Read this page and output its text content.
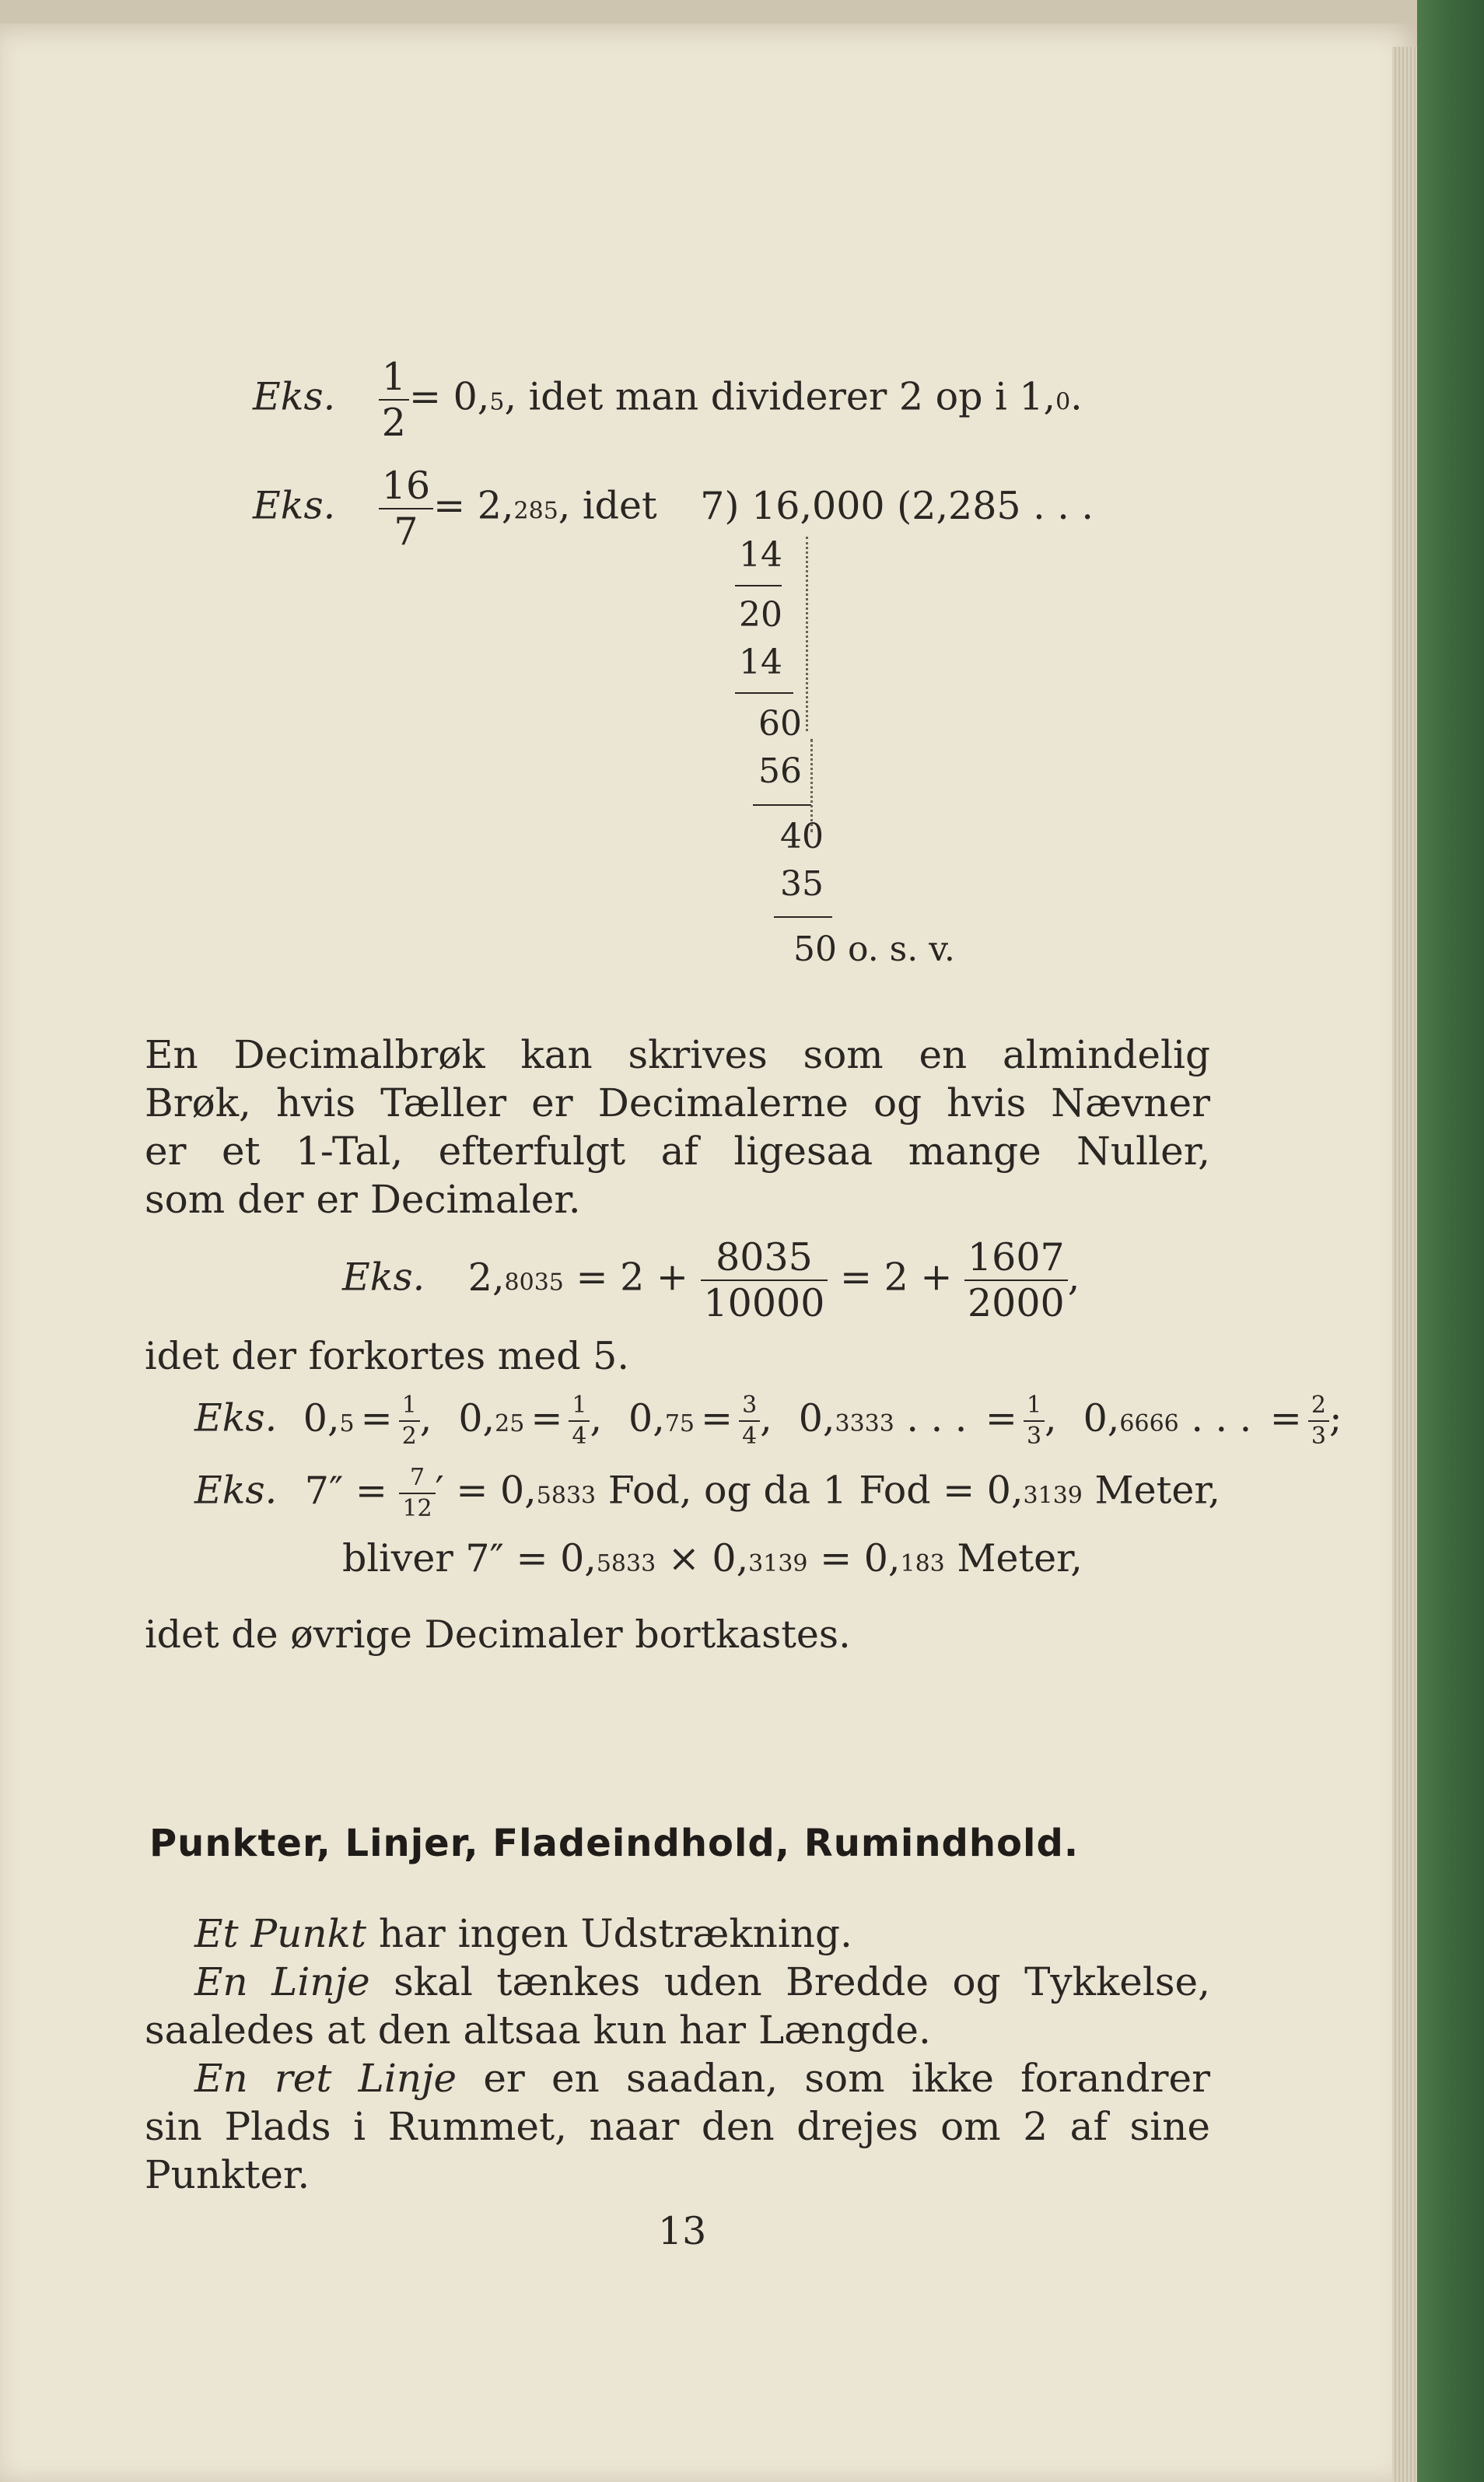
Eks. $\frac{1}{2} = 0,5$, idet man dividerer 2 op i 1,0.
Eks. $\frac{16}{7} = 2,285$, idet 7) 16,000 (2,285 . . .
14
20
14
60
56
40
35
50 o. s. v.
En Decimalbrøk kan skrives som en almindelig
Brøk, hvis Tæller er Decimalerne og hvis Nævner
er et 1-Tal, efterfulgt af ligesaa mange Nuller,
som der er Decimaler.
Eks. $2,8035 = 2 + \frac{8035}{10000} = 2 + \frac{1607}{2000}$ ,
idet der forkortes med 5.
Eks. $0,5 = \frac{1}{2}$ , $0,25 = \frac{1}{4}$ , $0,75 = \frac{3}{4}$ , 0,3333 . . . = $\frac{1}{3}$ , 0,6666 . . . = $\frac{2}{3}$ ;
Eks. $7'' = \frac{7}{12}$ ′ = 0,5833 Fod, og da 1 Fod = 0,3139 Meter,
bliver 7″ = 0,5833 × 0,3139 = 0,183 Meter,
idet de øvrige Decimaler bortkastes.
Punkter, Linjer, Fladeindhold, Rumindhold.
Et Punkt har ingen Udstrækning.
En Linje skal tænkes uden Bredde og Tykkelse,
saaledes at den altsaa kun har Længde.
En ret Linje er en saadan, som ikke forandrer
sin Plads i Rummet, naar den drejes om 2 af sine
Punkter.
13
